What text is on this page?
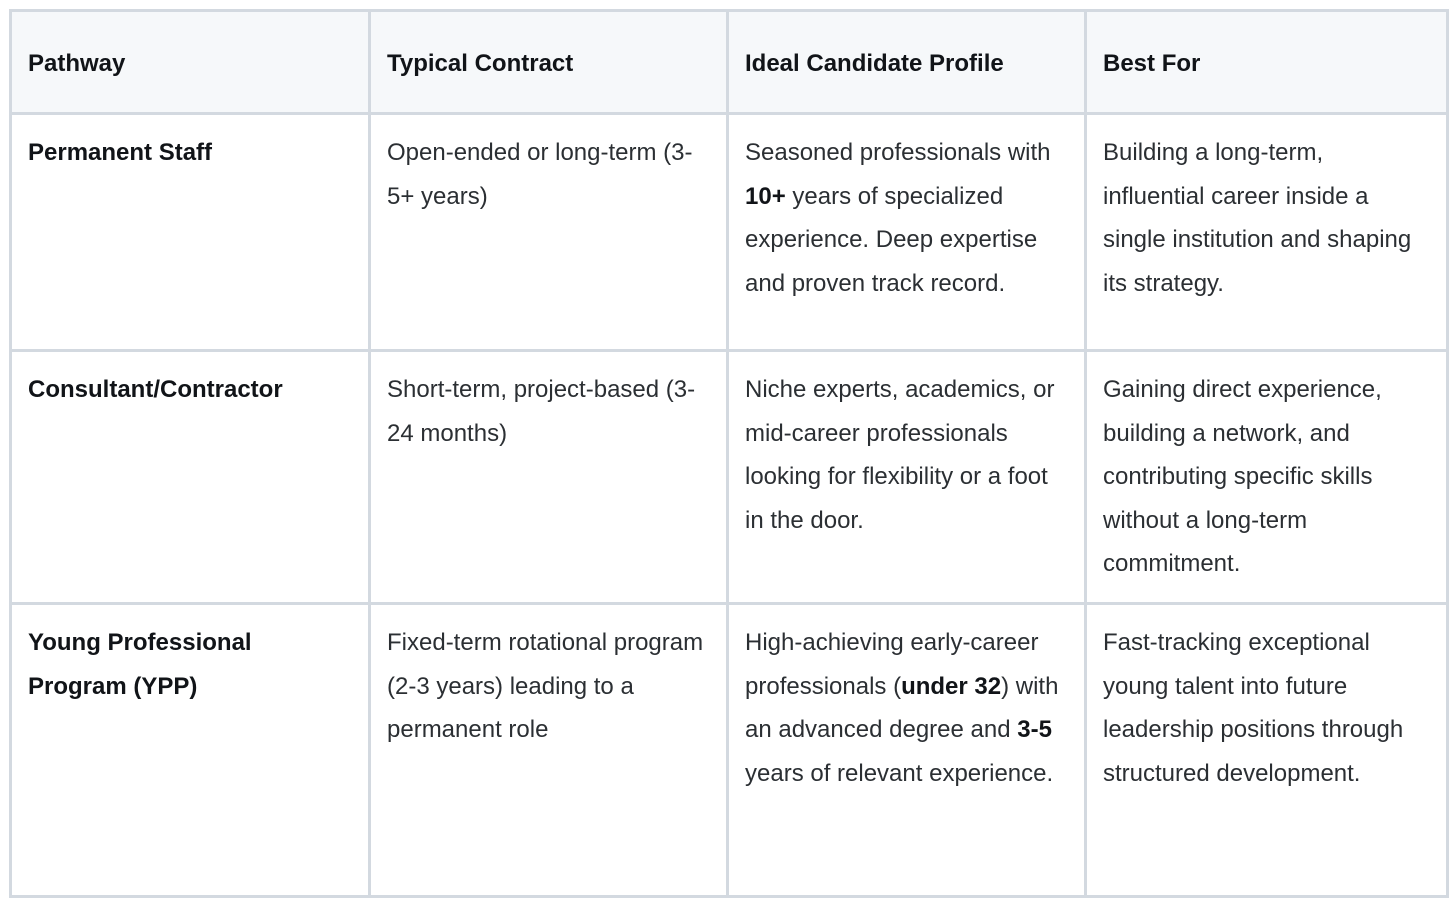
Pathway	Typical Contract	Ideal Candidate Profile	Best For
Permanent Staff	Open-ended or long-term (3-5+ years)	Seasoned professionals with 10+ years of specialized experience. Deep expertise and proven track record.	Building a long-term, influential career inside a single institution and shaping its strategy.
Consultant/Contractor	Short-term, project-based (3-24 months)	Niche experts, academics, or mid-career professionals looking for flexibility or a foot in the door.	Gaining direct experience, building a network, and contributing specific skills without a long-term commitment.
Young Professional Program (YPP)	Fixed-term rotational program (2-3 years) leading to a permanent role	High-achieving early-career professionals (under 32) with an advanced degree and 3-5 years of relevant experience.	Fast-tracking exceptional young talent into future leadership positions through structured development.
